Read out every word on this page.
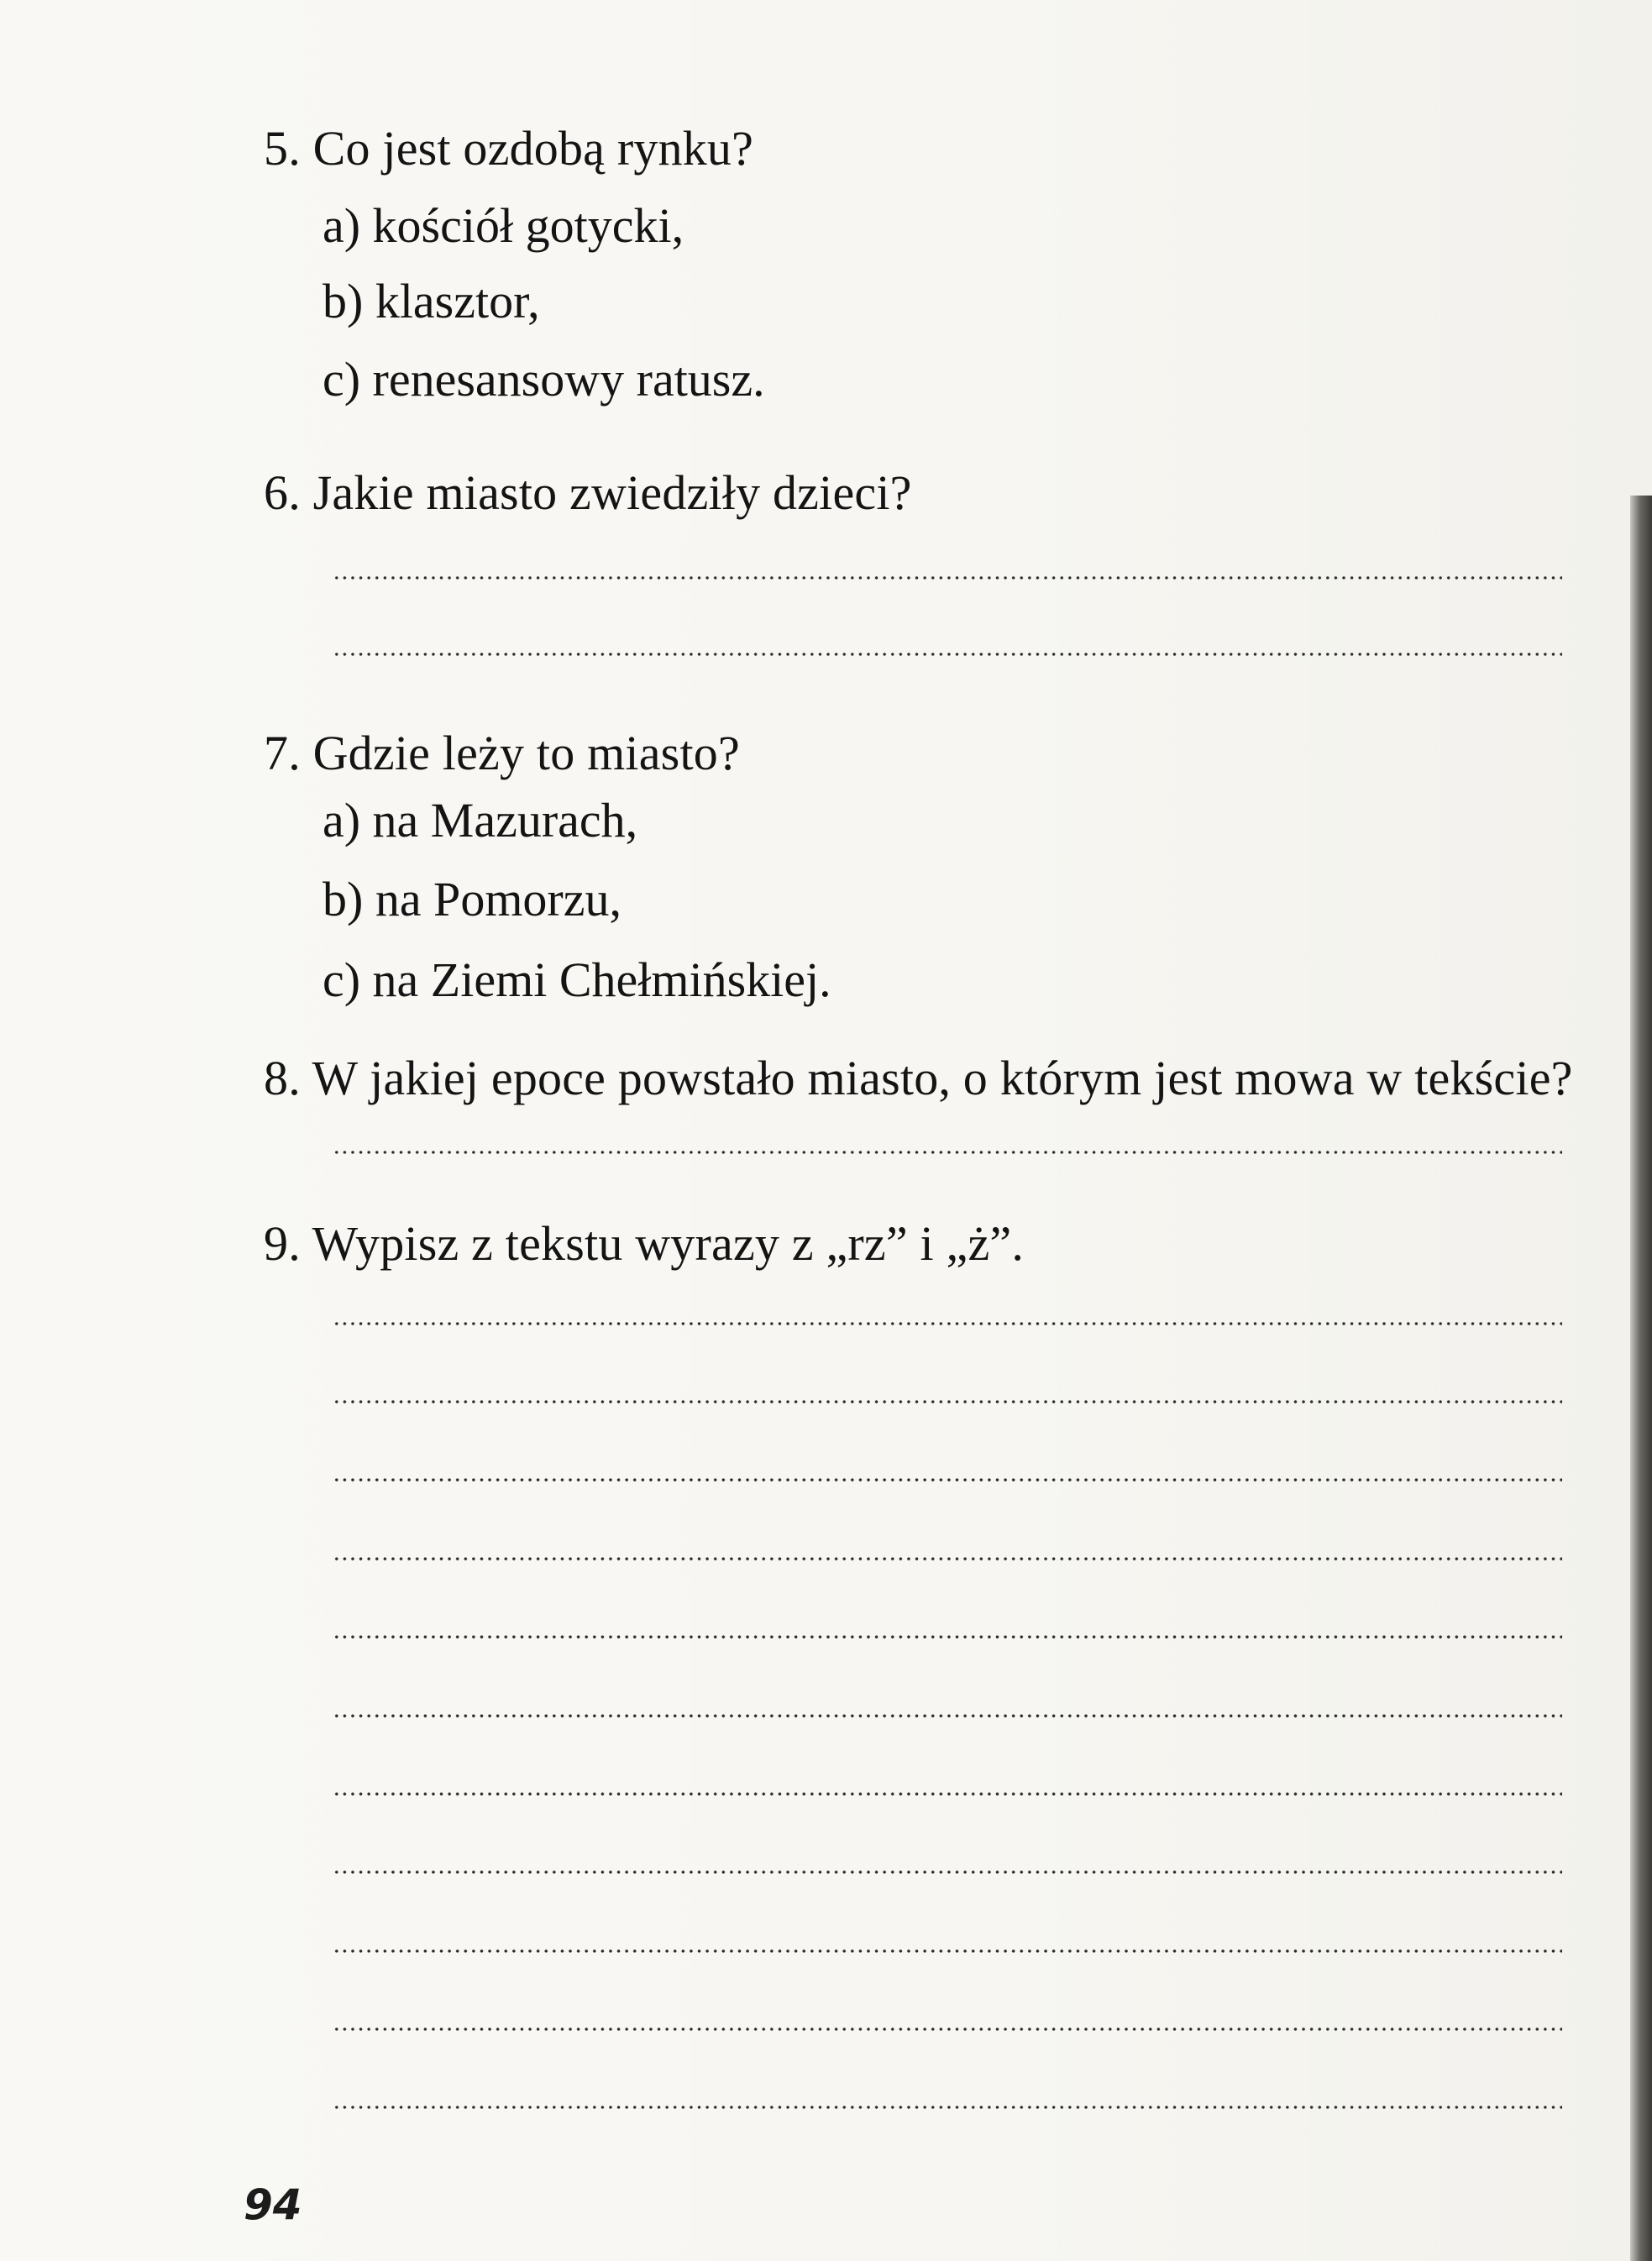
5. Co jest ozdobą rynku?
a) kościół gotycki,
b) klasztor,
c) renesansowy ratusz.
6. Jakie miasto zwiedziły dzieci?
7. Gdzie leży to miasto?
a) na Mazurach,
b) na Pomorzu,
c) na Ziemi Chełmińskiej.
8. W jakiej epoce powstało miasto, o którym jest mowa w tekście?
9. Wypisz z tekstu wyrazy z „rz” i „ż”.
94
